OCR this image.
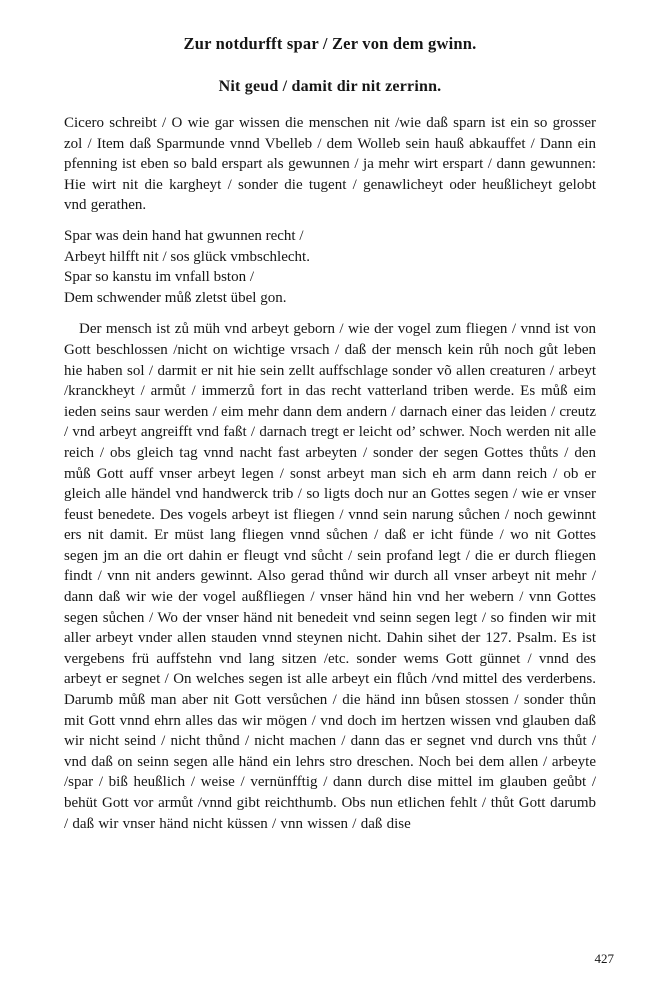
Zur notdurfft spar / Zer von dem gwinn.
Nit geud / damit dir nit zerrinn.

Cicero schreibt / O wie gar wissen die menschen nit /wie daß sparn ist ein so grosser zol / Item daß Sparmunde vnnd Vbelleb / dem Wolleb sein hauß abkauffet / Dann ein pfenning ist eben so bald erspart als gewunnen / ja mehr wirt erspart / dann gewunnen: Hie wirt nit die kargheyt / sonder die tugent / genawlicheyt oder heußlicheyt gelobt vnd gerathen.

Spar was dein hand hat gwunnen recht /
Arbeyt hilfft nit / sos glück vmbschlecht.
Spar so kanstu im vnfall bston /
Dem schwender můß zletst übel gon.

Der mensch ist zů müh vnd arbeyt geborn / wie der vogel zum fliegen / vnnd ist von Gott beschlossen /nicht on wichtige vrsach / daß der mensch kein růh noch gůt leben hie haben sol / darmit er nit hie sein zellt auffschlage sonder võ allen creaturen / arbeyt /kranckheyt / armůt / immerzů fort in das recht vatterland triben werde. Es můß eim ieden seins saur werden / eim mehr dann dem andern / darnach einer das leiden / creutz / vnd arbeyt angreifft vnd faßt / darnach tregt er leicht od’ schwer. Noch werden nit alle reich / obs gleich tag vnnd nacht fast arbeyten / sonder der segen Gottes thůts / den můß Gott auff vnser arbeyt legen / sonst arbeyt man sich eh arm dann reich / ob er gleich alle händel vnd handwerck trib / so ligts doch nur an Gottes segen / wie er vnser feust benedete. Des vogels arbeyt ist fliegen / vnnd sein narung sůchen / noch gewinnt ers nit damit. Er müst lang fliegen vnnd sůchen / daß er icht fünde / wo nit Gottes segen jm an die ort dahin er fleugt vnd sůcht / sein profand legt / die er durch fliegen findt / vnn nit anders gewinnt. Also gerad thůnd wir durch all vnser arbeyt nit mehr / dann daß wir wie der vogel außfliegen / vnser händ hin vnd her webern / vnn Gottes segen sůchen / Wo der vnser händ nit benedeit vnd seinn segen legt / so finden wir mit aller arbeyt vnder allen stauden vnnd steynen nicht. Dahin sihet der 127. Psalm. Es ist vergebens frü auffstehn vnd lang sitzen /etc. sonder wems Gott günnet / vnnd des arbeyt er segnet / On welches segen ist alle arbeyt ein flůch /vnd mittel des verderbens. Darumb můß man aber nit Gott versůchen / die händ inn bůsen stossen / sonder thůn mit Gott vnnd ehrn alles das wir mögen / vnd doch im hertzen wissen vnd glauben daß wir nicht seind / nicht thůnd / nicht machen / dann das er segnet vnd durch vns thůt / vnd daß on seinn segen alle händ ein lehrs stro dreschen. Noch bei dem allen / arbeyte /spar / biß heußlich / weise / vernünfftig / dann durch dise mittel im glauben geůbt / behüt Gott vor armůt /vnnd gibt reichthumb. Obs nun etlichen fehlt / thůt Gott darumb / daß wir vnser händ nicht küssen / vnn wissen / daß dise

427
